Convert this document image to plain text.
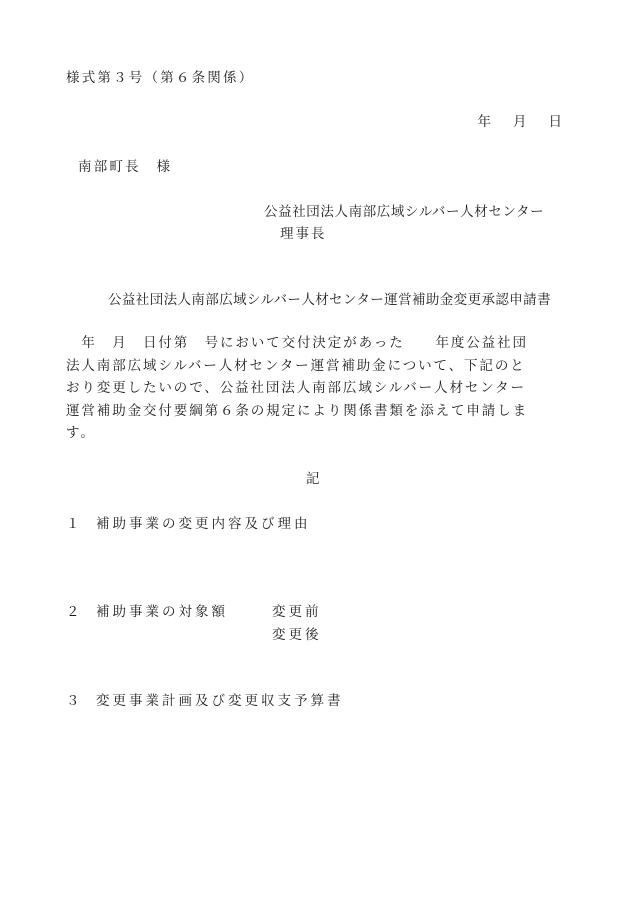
様式第３号（第６条関係）
年 月 日
南部町長　様
公益社団法人南部広域シルバー人材センター
理事長
公益社団法人南部広域シルバー人材センター運営補助金変更承認申請書
　年　月　日付第　号において交付決定があった　　年度公益社団
法人南部広域シルバー人材センター運営補助金について、下記のと
おり変更したいので、公益社団法人南部広域シルバー人材センター
運営補助金交付要綱第６条の規定により関係書類を添えて申請しま
す。
記
１ 補助事業の変更内容及び理由
２ 補助事業の対象額	変更前
変更後
３ 変更事業計画及び変更収支予算書
